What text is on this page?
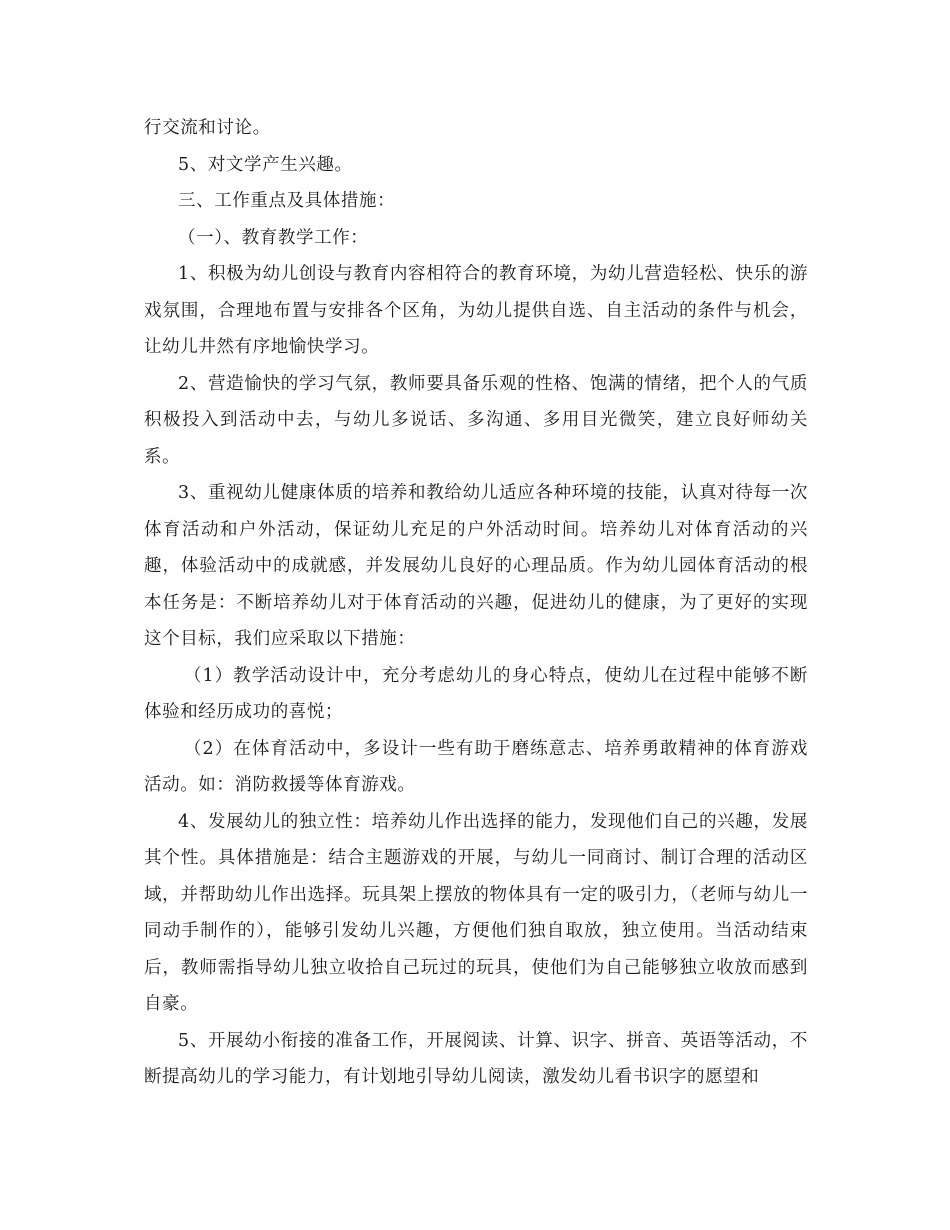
行交流和讨论。

5、对文学产生兴趣。

三、工作重点及具体措施：

（一）、教育教学工作：

1、积极为幼儿创设与教育内容相符合的教育环境，为幼儿营造轻松、快乐的游戏氛围，合理地布置与安排各个区角，为幼儿提供自选、自主活动的条件与机会，让幼儿井然有序地愉快学习。

2、营造愉快的学习气氛，教师要具备乐观的性格、饱满的情绪，把个人的气质积极投入到活动中去，与幼儿多说话、多沟通、多用目光微笑，建立良好师幼关系。

3、重视幼儿健康体质的培养和教给幼儿适应各种环境的技能，认真对待每一次体育活动和户外活动，保证幼儿充足的户外活动时间。培养幼儿对体育活动的兴趣，体验活动中的成就感，并发展幼儿良好的心理品质。作为幼儿园体育活动的根本任务是：不断培养幼儿对于体育活动的兴趣，促进幼儿的健康，为了更好的实现这个目标，我们应采取以下措施：

（1）教学活动设计中，充分考虑幼儿的身心特点，使幼儿在过程中能够不断体验和经历成功的喜悦；

（2）在体育活动中，多设计一些有助于磨练意志、培养勇敢精神的体育游戏活动。如：消防救援等体育游戏。

4、发展幼儿的独立性：培养幼儿作出选择的能力，发现他们自己的兴趣，发展其个性。具体措施是：结合主题游戏的开展，与幼儿一同商讨、制订合理的活动区域，并帮助幼儿作出选择。玩具架上摆放的物体具有一定的吸引力，（老师与幼儿一同动手制作的），能够引发幼儿兴趣，方便他们独自取放，独立使用。当活动结束后，教师需指导幼儿独立收拾自己玩过的玩具，使他们为自己能够独立收放而感到自豪。

5、开展幼小衔接的准备工作，开展阅读、计算、识字、拼音、英语等活动，不断提高幼儿的学习能力，有计划地引导幼儿阅读，激发幼儿看书识字的愿望和
